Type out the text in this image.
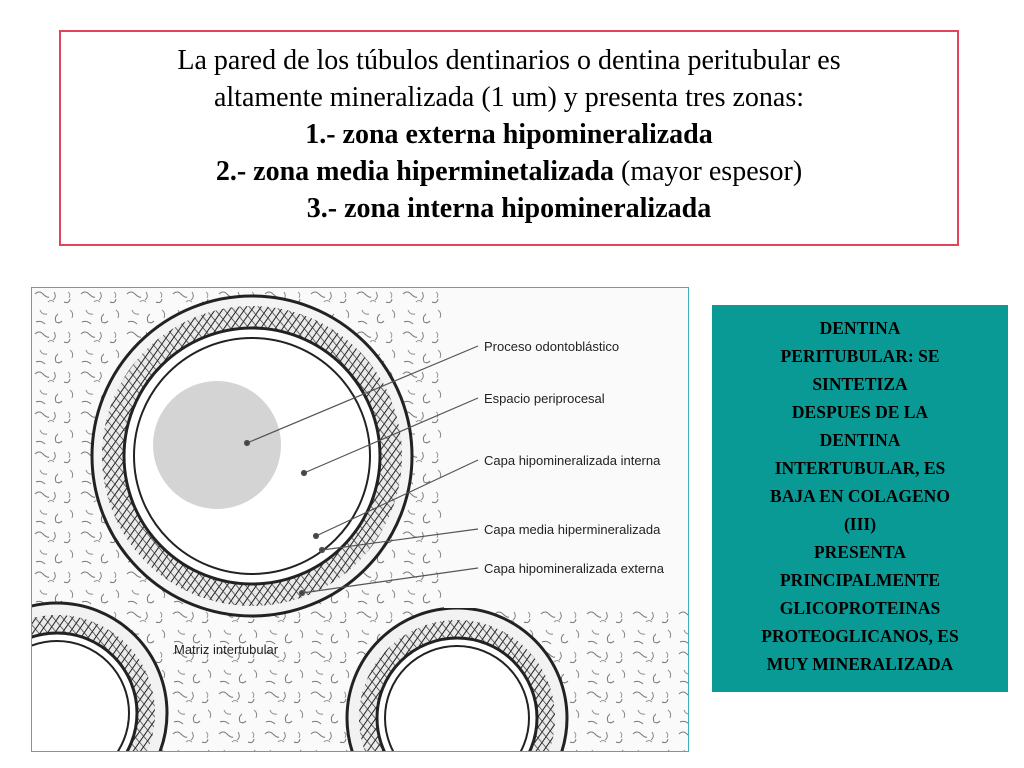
La pared de los túbulos dentinarios o dentina peritubular es
altamente mineralizada (1 um) y presenta tres zonas:
1.- zona externa hipomineralizada
2.- zona media hiperminetalizada (mayor espesor)
3.- zona interna hipomineralizada
Proceso odontoblástico
Espacio periprocesal
Capa hipomineralizada interna
Capa media hipermineralizada
Capa hipomineralizada externa
Matriz intertubular
DENTINA
PERITUBULAR: SE
SINTETIZA
DESPUES DE LA
DENTINA
INTERTUBULAR, ES
BAJA EN COLAGENO
(III)
PRESENTA
PRINCIPALMENTE
GLICOPROTEINAS
PROTEOGLICANOS, ES
MUY MINERALIZADA
